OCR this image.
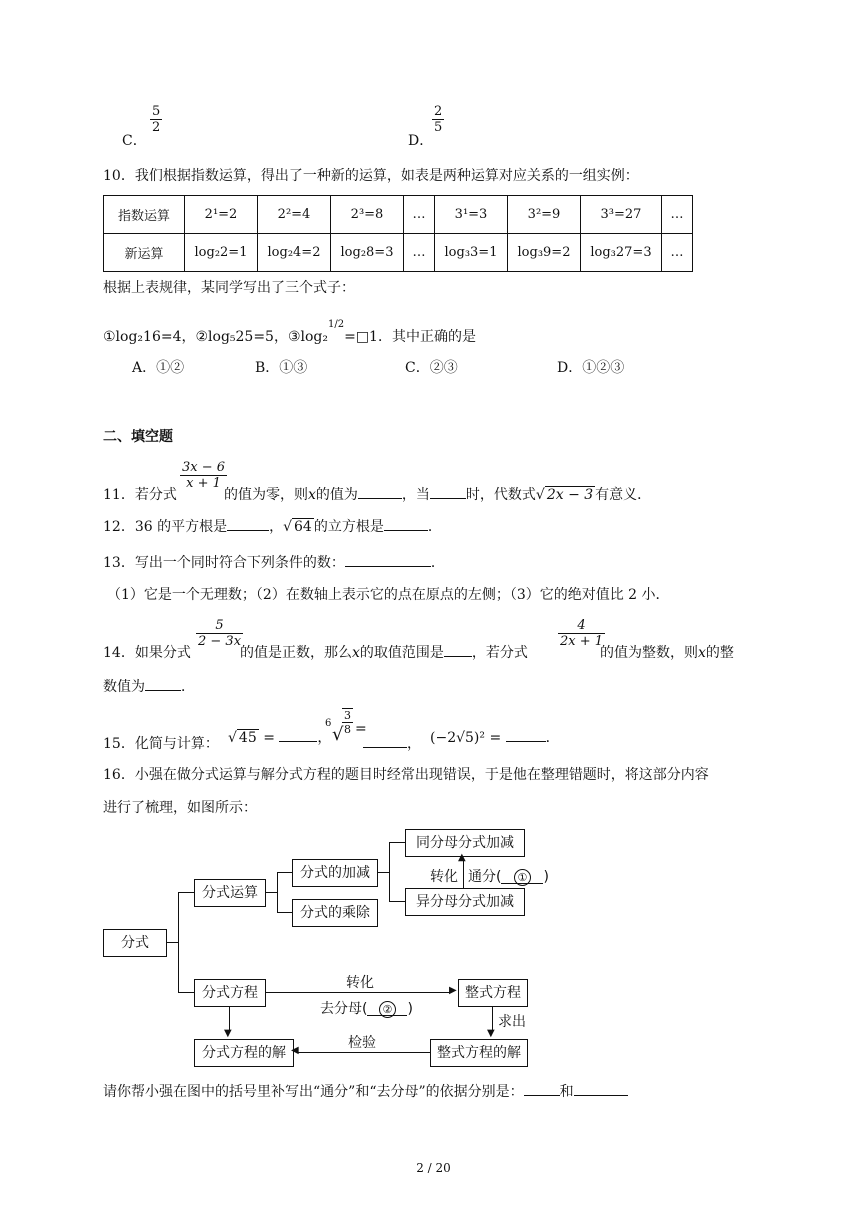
C．
$\frac{5}{2}$
D．
$\frac{2}{5}$
10．我们根据指数运算，得出了一种新的运算，如表是两种运算对应关系的一组实例：
指数运算	2¹=2	2²=4	2³=8	…	3¹=3	3²=9	3³=27	…
新运算	log₂2=1	log₂4=2	log₂8=3	…	log₃3=1	log₃9=2	log₃27=3	…
根据上表规律，某同学写出了三个式子：
①log₂16=4，②log₅25=5，③log₂$^{1/2}$=□1．其中正确的是
A．①②	B．①③	C．②③	D．①②③
二、填空题
11．若分式
$\frac{3x - 6}{x + 1}$
的值为零，则x的值为	，当	时，代数式√ 2x − 3 有意义．
12．36 的平方根是	，√ 64 的立方根是	．
13．写出一个同时符合下列条件的数：	．
（1）它是一个无理数；（2）在数轴上表示它的点在原点的左侧；（3）它的绝对值比 2 小．
14．如果分式
$\frac{5}{2 - 3x}$
的值是正数，那么x的取值范围是 ，若分式
$\frac{4}{2x + 1}$
的值为整数，则x的整
数值为	．
15．化简与计算： √ 45 =	，
6
√
$\frac{3}{8}$ =
， (−2√5)² =	．
16．小强在做分式运算与解分式方程的题目时经常出现错误，于是他在整理错题时，将这部分内容
进行了梳理，如图所示：
分式
分式运算
分式的加减
分式的乘除
同分母分式加减
异分母分式加减
分式方程	整式方程
整式方程的解
分式方程的解
▲
▶
▼
◀
▼
转化 通分( ① )
转化
去分母( ② )
求出
检验
请你帮小强在图中的括号里补写出“通分”和“去分母”的依据分别是：	和
2 / 20
